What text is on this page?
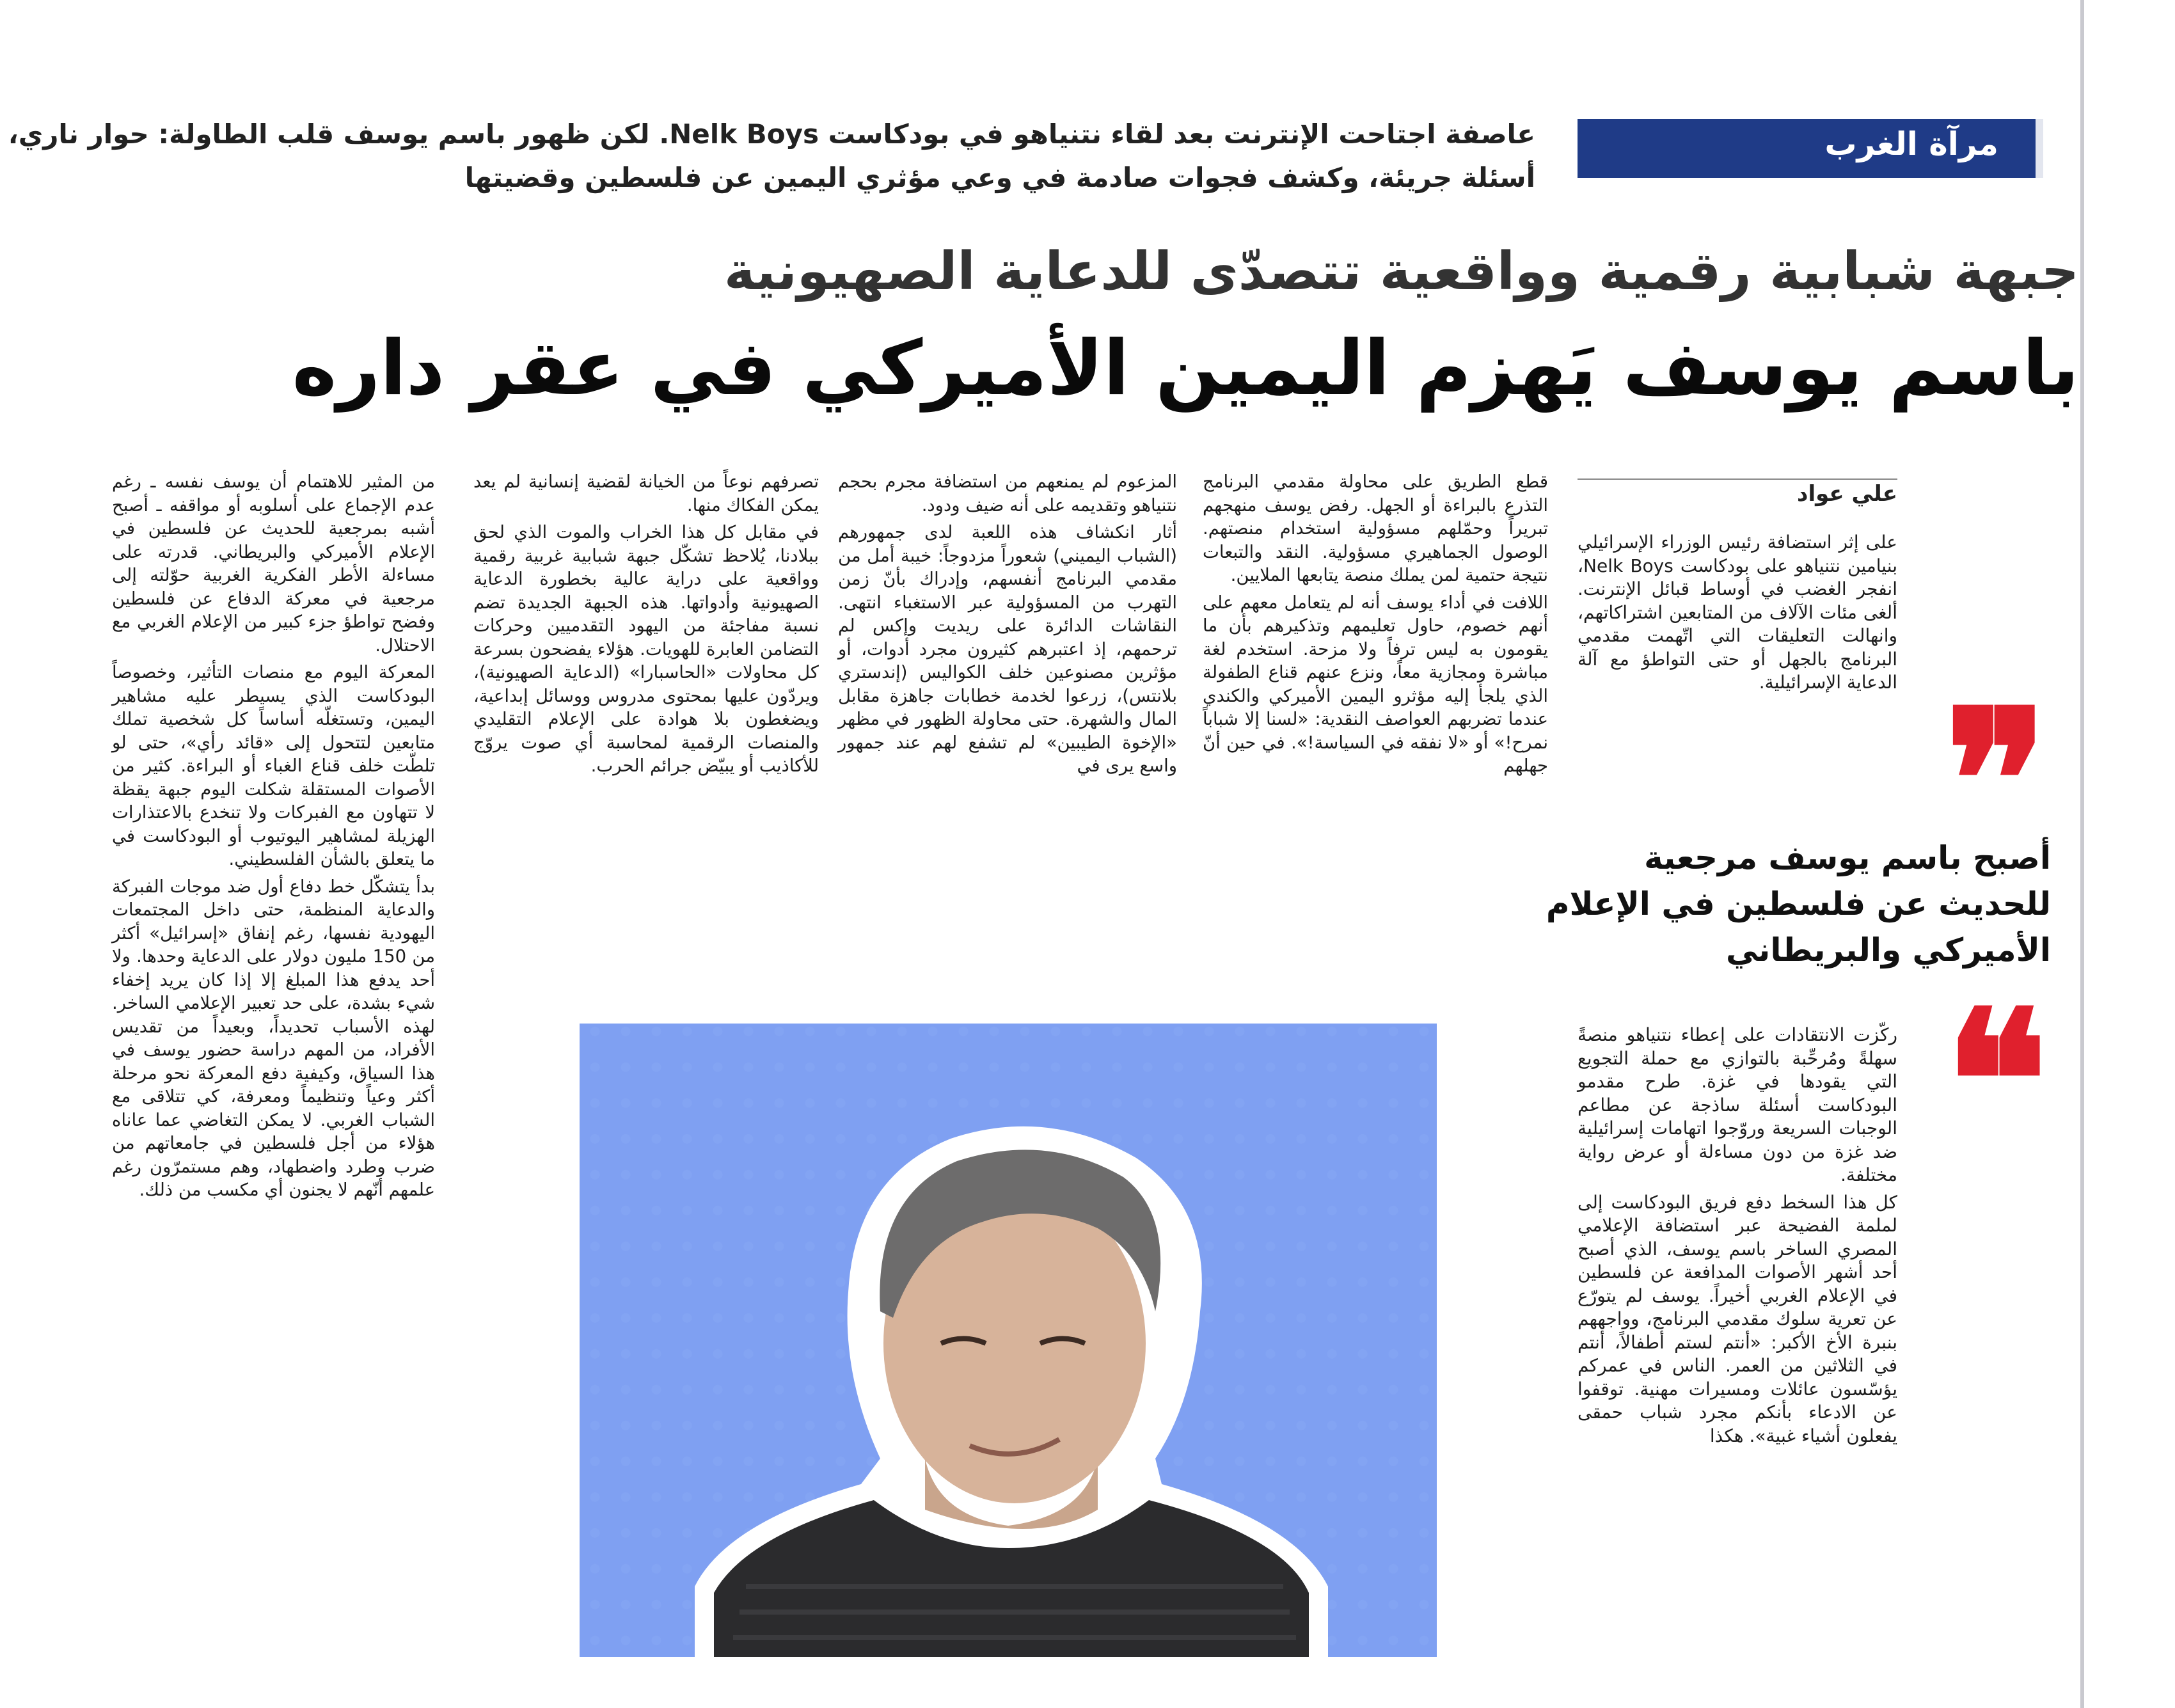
مرآة الغرب

عاصفة اجتاحت الإنترنت بعد لقاء نتنياهو في بودكاست Nelk Boys. لكن ظهور باسم يوسف قلب الطاولة: حوار ناري،

أسئلة جريئة، وكشف فجوات صادمة في وعي مؤثري اليمين عن فلسطين وقضيتها

جبهة شبابية رقمية وواقعية تتصدّى للدعاية الصهيونية
باسم يوسف يَهزم اليمين الأميركي في عقر داره
علي عواد

على إثر استضافة رئيس الوزراء الإسرائيلي بنيامين نتنياهو على بودكاست Nelk Boys، انفجر الغضب في أوساط قبائل الإنترنت. ألغى مئات الآلاف من المتابعين اشتراكاتهم، وانهالت التعليقات التي اتّهمت مقدمي البرنامج بالجهل أو حتى التواطؤ مع آلة الدعاية الإسرائيلية. ❞

أصبح باسم يوسف مرجعية

للحديث عن فلسطين في الإعلام

الأميركي والبريطاني

❝

ركّزت الانتقادات على إعطاء نتنياهو منصةً سهلةً ومُرحِّبة بالتوازي مع حملة التجويع التي يقودها في غزة. طرح مقدمو البودكاست أسئلة ساذجة عن مطاعم الوجبات السريعة وروّجوا اتهامات إسرائيلية ضد غزة من دون مساءلة أو عرض رواية مختلفة.

كل هذا السخط دفع فريق البودكاست إلى لملمة الفضيحة عبر استضافة الإعلامي المصري الساخر باسم يوسف، الذي أصبح أحد أشهر الأصوات المدافعة عن فلسطين في الإعلام الغربي أخيراً. يوسف لم يتورّع عن تعرية سلوك مقدمي البرنامج، وواجههم بنبرة الأخ الأكبر: «أنتم لستم أطفالاً، أنتم في الثلاثين من العمر. الناس في عمركم يؤسّسون عائلات ومسيرات مهنية. توقفوا عن الادعاء بأنكم مجرد شباب حمقى يفعلون أشياء غبية». هكذا

قطع الطريق على محاولة مقدمي البرنامج التذرع بالبراءة أو الجهل. رفض يوسف منهجهم تبريراً وحمّلهم مسؤولية استخدام منصتهم. الوصول الجماهيري مسؤولية. النقد والتبعات نتيجة حتمية لمن يملك منصة يتابعها الملايين.

اللافت في أداء يوسف أنه لم يتعامل معهم على أنهم خصوم، حاول تعليمهم وتذكيرهم بأن ما يقومون به ليس ترفاً ولا مزحة. استخدم لغة مباشرة ومجازية معاً، ونزع عنهم قناع الطفولة الذي يلجأ إليه مؤثرو اليمين الأميركي والكندي عندما تضربهم العواصف النقدية: «لسنا إلا شباباً نمرح!» أو «لا نفقه في السياسة!». في حين أنّ جهلهم

المزعوم لم يمنعهم من استضافة مجرم بحجم نتنياهو وتقديمه على أنه ضيف ودود.

أثار انكشاف هذه اللعبة لدى جمهورهم (الشباب اليميني) شعوراً مزدوجاً: خيبة أمل من مقدمي البرنامج أنفسهم، وإدراك بأنّ زمن التهرب من المسؤولية عبر الاستغباء انتهى. النقاشات الدائرة على ريديت وإكس لم ترحمهم، إذ اعتبرهم كثيرون مجرد أدوات، أو مؤثرين مصنوعين خلف الكواليس (إندستري بلانتس)، زرعوا لخدمة خطابات جاهزة مقابل المال والشهرة. حتى محاولة الظهور في مظهر «الإخوة الطيبين» لم تشفع لهم عند جمهور واسع يرى في

تصرفهم نوعاً من الخيانة لقضية إنسانية لم يعد يمكن الفكاك منها.

في مقابل كل هذا الخراب والموت الذي لحق ببلادنا، يُلاحظ تشكّل جبهة شبابية غربية رقمية وواقعية على دراية عالية بخطورة الدعاية الصهيونية وأدواتها. هذه الجبهة الجديدة تضم نسبة مفاجئة من اليهود التقدميين وحركات التضامن العابرة للهويات. هؤلاء يفضحون بسرعة كل محاولات «الحاسبارا» (الدعاية الصهيونية)، ويردّون عليها بمحتوى مدروس ووسائل إبداعية، ويضغطون بلا هوادة على الإعلام التقليدي والمنصات الرقمية لمحاسبة أي صوت يروّج للأكاذيب أو يبيّض جرائم الحرب.

من المثير للاهتمام أن يوسف نفسه ـ رغم عدم الإجماع على أسلوبه أو مواقفه ـ أصبح أشبه بمرجعية للحديث عن فلسطين في الإعلام الأميركي والبريطاني. قدرته على مساءلة الأطر الفكرية الغربية حوّلته إلى مرجعية في معركة الدفاع عن فلسطين وفضح تواطؤ جزء كبير من الإعلام الغربي مع الاحتلال.

المعركة اليوم مع منصات التأثير، وخصوصاً البودكاست الذي يسيطر عليه مشاهير اليمين، وتستغلّه أساساً كل شخصية تملك متابعين لتتحول إلى «قائد رأي»، حتى لو تلطّت خلف قناع الغباء أو البراءة. كثير من الأصوات المستقلة شكلت اليوم جبهة يقظة لا تتهاون مع الفبركات ولا تنخدع بالاعتذارات الهزيلة لمشاهير اليوتيوب أو البودكاست في ما يتعلق بالشأن الفلسطيني.

بدأ يتشكّل خط دفاع أول ضد موجات الفبركة والدعاية المنظمة، حتى داخل المجتمعات اليهودية نفسها، رغم إنفاق «إسرائيل» أكثر من 150 مليون دولار على الدعاية وحدها. ولا أحد يدفع هذا المبلغ إلا إذا كان يريد إخفاء شيء بشدة، على حد تعبير الإعلامي الساخر. لهذه الأسباب تحديداً، وبعيداً من تقديس الأفراد، من المهم دراسة حضور يوسف في هذا السياق، وكيفية دفع المعركة نحو مرحلة أكثر وعياً وتنظيماً ومعرفة، كي تتلاقى مع الشباب الغربي. لا يمكن التغاضي عما عاناه هؤلاء من أجل فلسطين في جامعاتهم من ضرب وطرد واضطهاد، وهم مستمرّون رغم علمهم أنّهم لا يجنون أي مكسب من ذلك.
